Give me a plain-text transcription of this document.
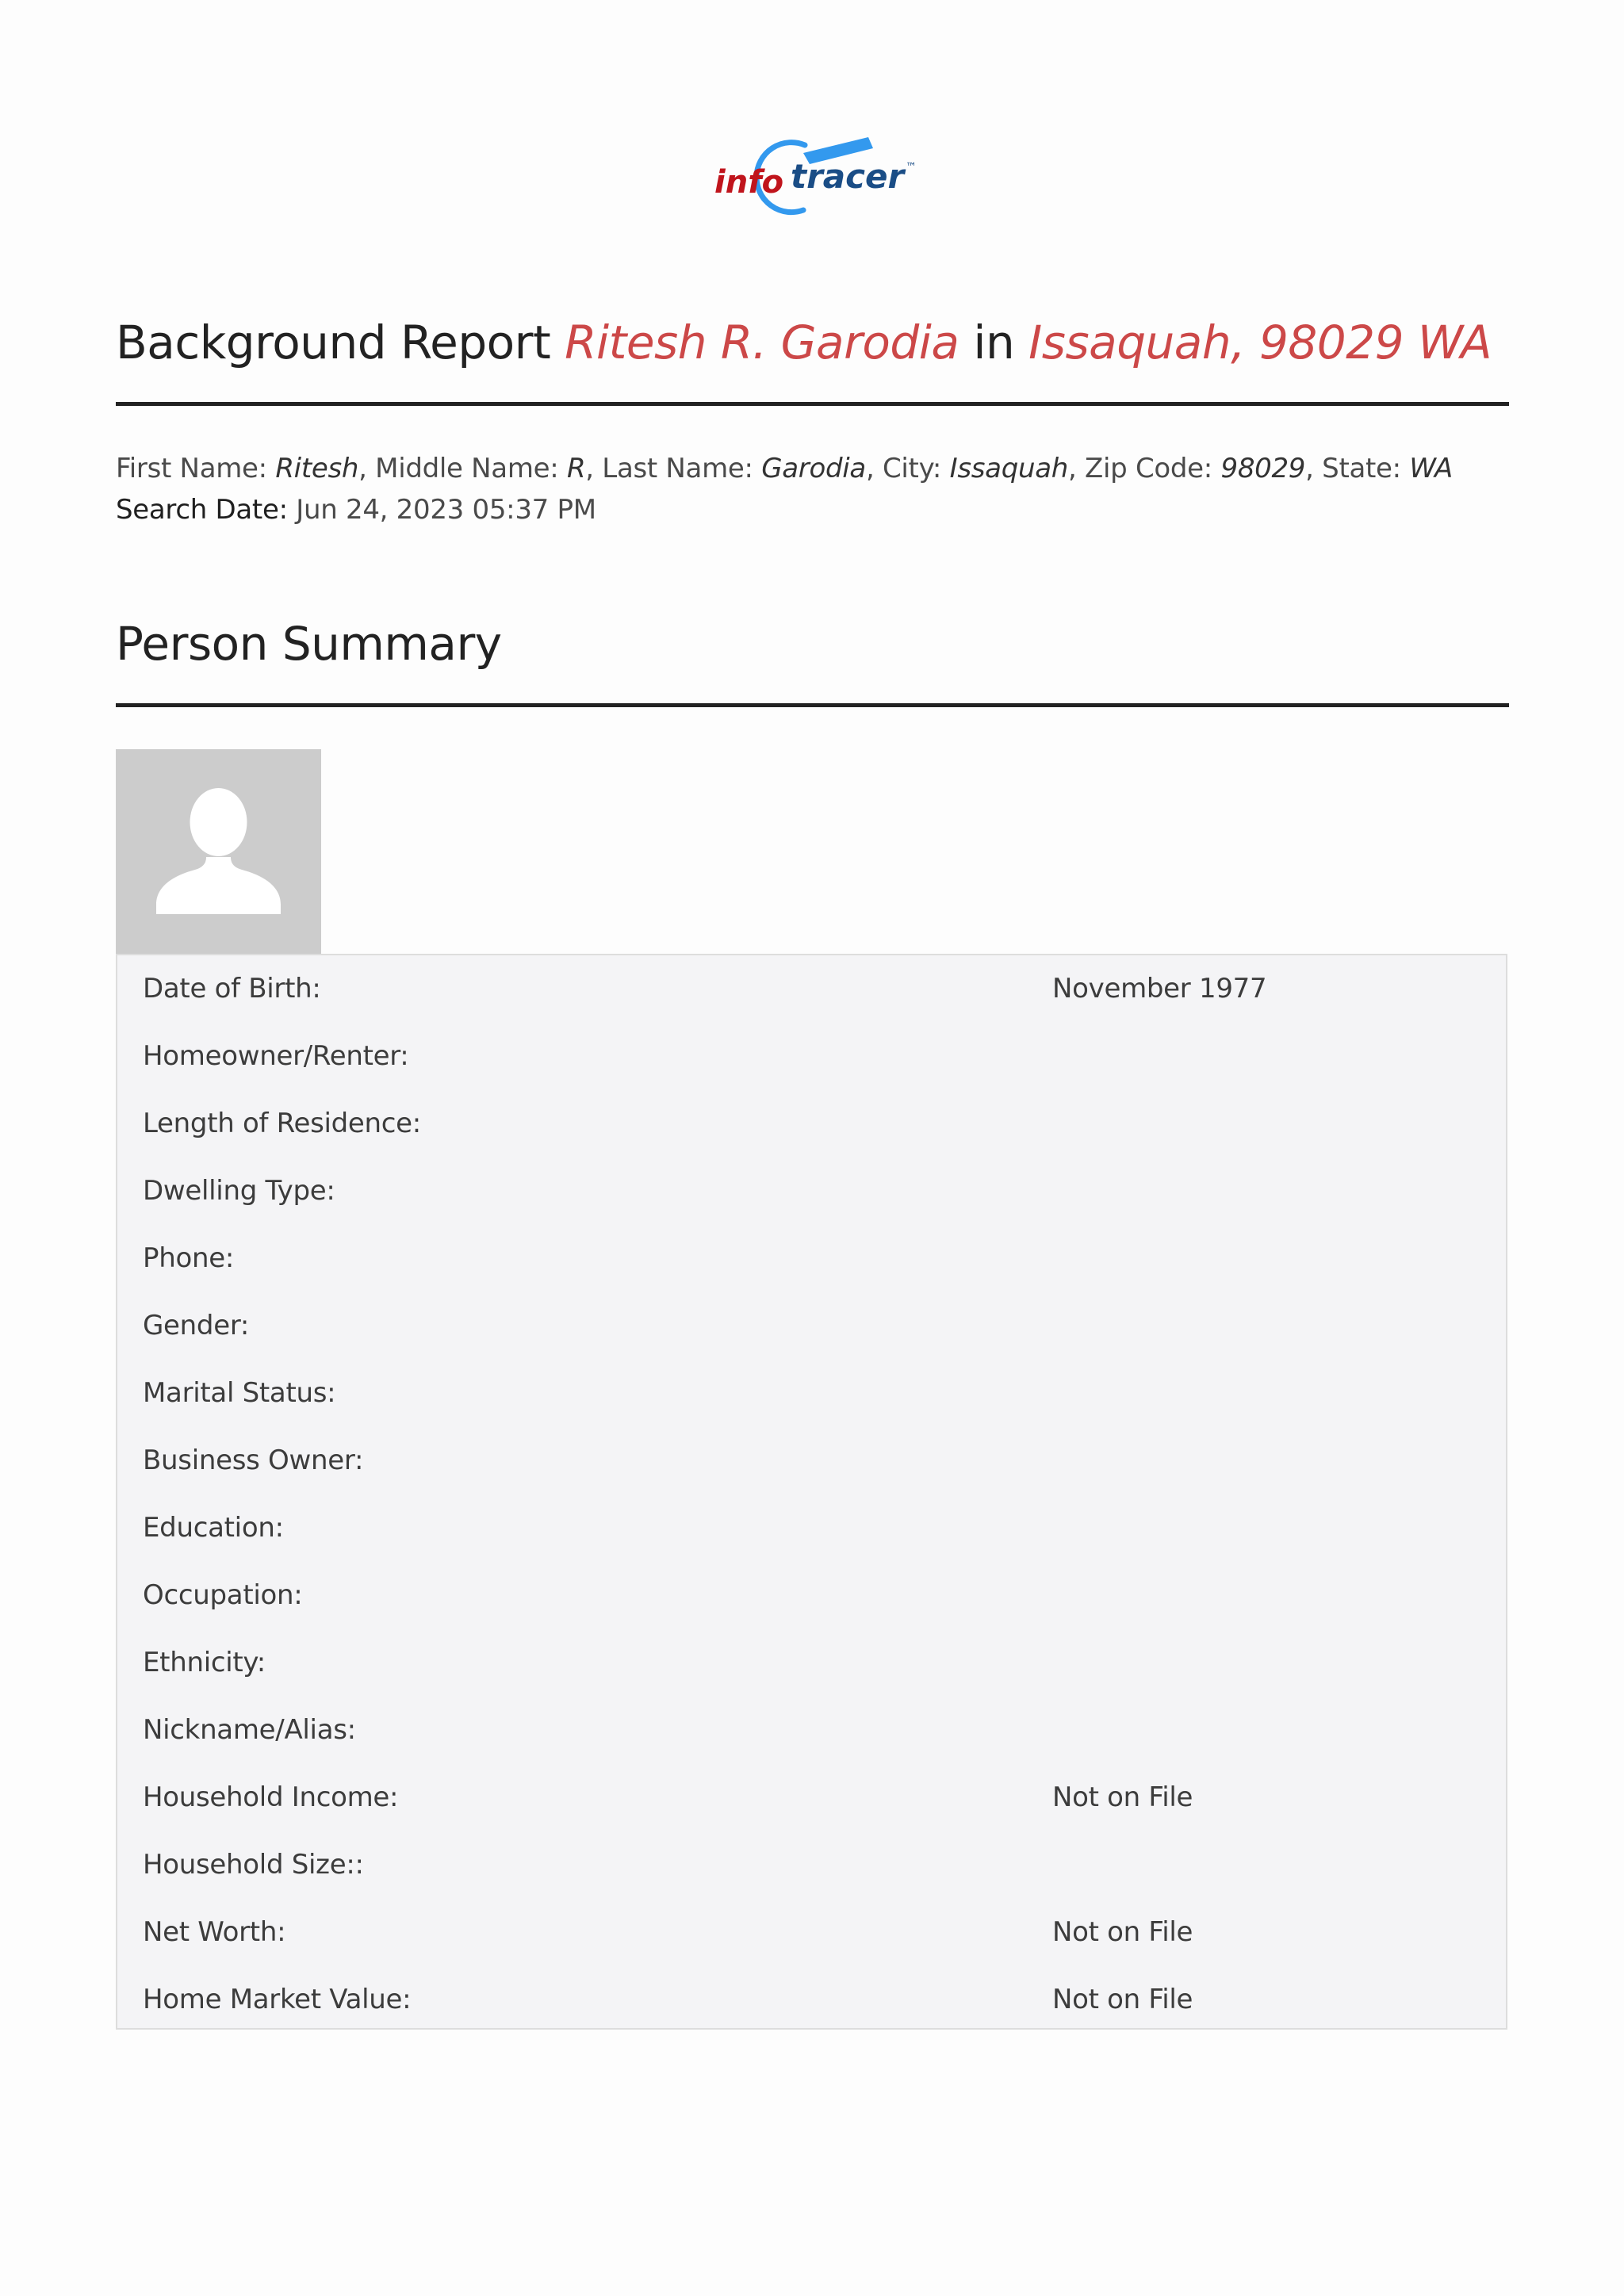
info tracer ™
Background Report Ritesh R. Garodia in Issaquah, 98029 WA
First Name: Ritesh, Middle Name: R, Last Name: Garodia, City: Issaquah, Zip Code: 98029, State: WA
Search Date: Jun 24, 2023 05:37 PM
Person Summary
Date of Birth:	November 1977
Homeowner/Renter:
Length of Residence:
Dwelling Type:
Phone:
Gender:
Marital Status:
Business Owner:
Education:
Occupation:
Ethnicity:
Nickname/Alias:
Household Income:	Not on File
Household Size::
Net Worth:	Not on File
Home Market Value:	Not on File
